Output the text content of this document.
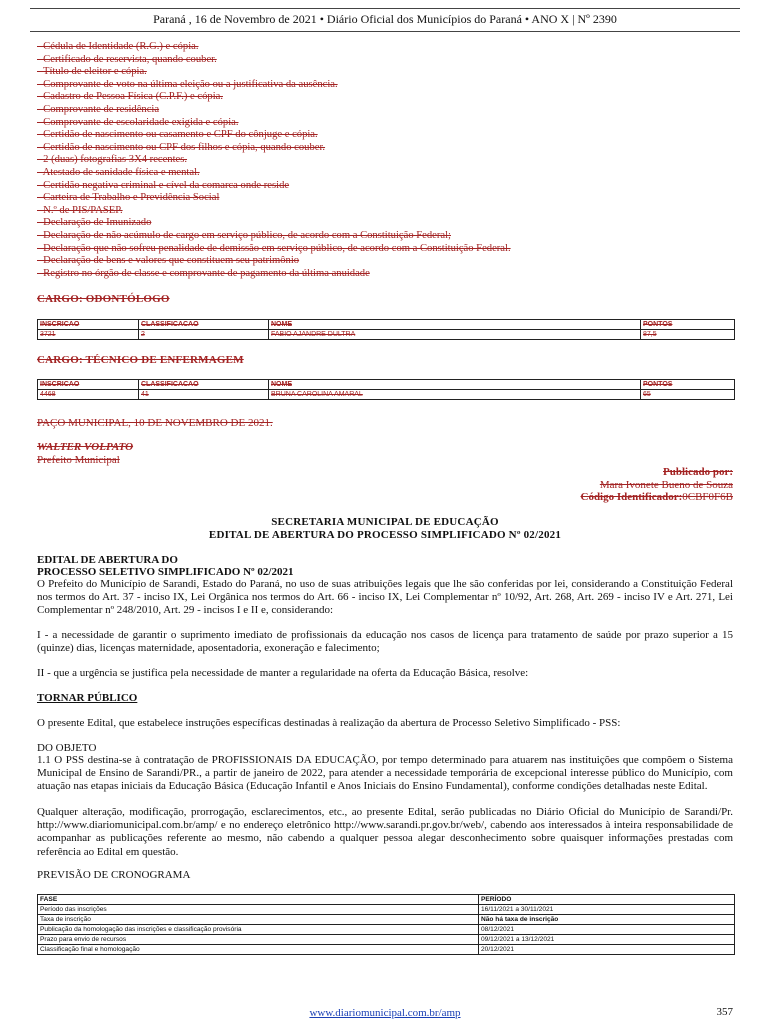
Paraná , 16 de Novembro de 2021 • Diário Oficial dos Municípios do Paraná • ANO X | Nº 2390
- Cédula de Identidade (R.G.) e cópia.
- Certificado de reservista, quando couber.
- Título de eleitor e cópia.
- Comprovante de voto na última eleição ou a justificativa da ausência.
- Cadastro de Pessoa Física (C.P.F.) e cópia.
- Comprovante de residência
- Comprovante de escolaridade exigida e cópia.
- Certidão de nascimento ou casamento e CPF do cônjuge e cópia.
- Certidão de nascimento ou CPF dos filhos e cópia, quando couber.
- 2 (duas) fotografias 3X4 recentes.
- Atestado de sanidade física e mental.
- Certidão negativa criminal e cível da comarca onde reside
- Carteira de Trabalho e Previdência Social
- N.º de PIS/PASEP.
- Declaração de Imunizado
- Declaração de não acúmulo de cargo em serviço público, de acordo com a Constituição Federal;
- Declaração que não sofreu penalidade de demissão em serviço público, de acordo com a Constituição Federal.
- Declaração de bens e valores que constituem seu patrimônio
- Registro no órgão de classe e comprovante de pagamento da última anuidade
CARGO: ODONTÓLOGO
INSCRICAO	CLASSIFICACAO	NOME	PONTOS
3721	2	FABIO AJANDRE DULTRA	87,5
CARGO: TÉCNICO DE ENFERMAGEM
INSCRICAO	CLASSIFICACAO	NOME	PONTOS
4468	41	BRUNA CAROLINA AMARAL	65
PAÇO MUNICIPAL, 10 DE NOVEMBRO DE 2021.
WALTER VOLPATO
Prefeito Municipal
Publicado por:
Mara Ivonete Bueno de Souza
Código Identificador:0CBF0F6B
SECRETARIA MUNICIPAL DE EDUCAÇÃO
EDITAL DE ABERTURA DO PROCESSO SIMPLIFICADO Nº 02/2021
EDITAL DE ABERTURA DO
PROCESSO SELETIVO SIMPLIFICADO Nº 02/2021

O Prefeito do Município de Sarandi, Estado do Paraná, no uso de suas atribuições legais que lhe são conferidas por lei, considerando a Constituição Federal nos termos do Art. 37 - inciso IX, Lei Orgânica nos termos do Art. 66 - inciso IX, Lei Complementar nº 10/92, Art. 268, Art. 269 - inciso IV e Art. 271, Lei Complementar nº 248/2010, Art. 29 - incisos I e II e, considerando:

I - a necessidade de garantir o suprimento imediato de profissionais da educação nos casos de licença para tratamento de saúde por prazo superior a 15 (quinze) dias, licenças maternidade, aposentadoria, exoneração e falecimento;

II - que a urgência se justifica pela necessidade de manter a regularidade na oferta da Educação Básica, resolve:

TORNAR PÚBLICO

O presente Edital, que estabelece instruções específicas destinadas à realização da abertura de Processo Seletivo Simplificado - PSS:

DO OBJETO

1.1 O PSS destina-se à contratação de PROFISSIONAIS DA EDUCAÇÃO, por tempo determinado para atuarem nas instituições que compõem o Sistema Municipal de Ensino de Sarandi/PR., a partir de janeiro de 2022, para atender a necessidade temporária de excepcional interesse público do Município, com atuação nas etapas iniciais da Educação Básica (Educação Infantil e Anos Iniciais do Ensino Fundamental), conforme condições detalhadas neste Edital.

Qualquer alteração, modificação, prorrogação, esclarecimentos, etc., ao presente Edital, serão publicadas no Diário Oficial do Município de Sarandi/Pr. http://www.diariomunicipal.com.br/amp/ e no endereço eletrônico http://www.sarandi.pr.gov.br/web/, cabendo aos interessados à inteira responsabilidade de acompanhar as publicações referente ao mesmo, não cabendo a qualquer pessoa alegar desconhecimento sobre quaisquer informações prestadas com referência ao Edital em questão.

PREVISÃO DE CRONOGRAMA
FASE	PERÍODO
Período das inscrições	16/11/2021 a 30/11/2021
Taxa de inscrição	Não há taxa de inscrição
Publicação da homologação das inscrições e classificação provisória	08/12/2021
Prazo para envio de recursos	09/12/2021 a 13/12/2021
Classificação final e homologação	20/12/2021
www.diariomunicipal.com.br/amp	357
